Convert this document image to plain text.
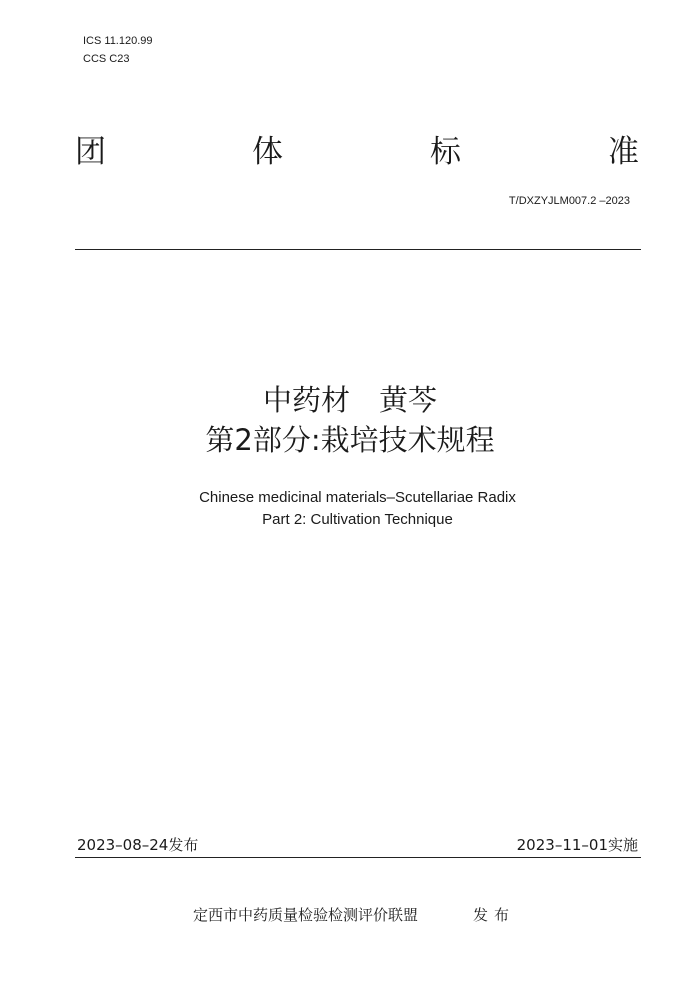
ICS 11.120.99
CCS C23
团	体	标	准
T/DXZYJLM007.2 –2023
中药材　黄芩
第2部分:栽培技术规程
Chinese medicinal materials–Scutellariae Radix
Part 2: Cultivation Technique
2023–08–24发布	2023–11–01实施
定西市中药质量检验检测评价联盟	发布
